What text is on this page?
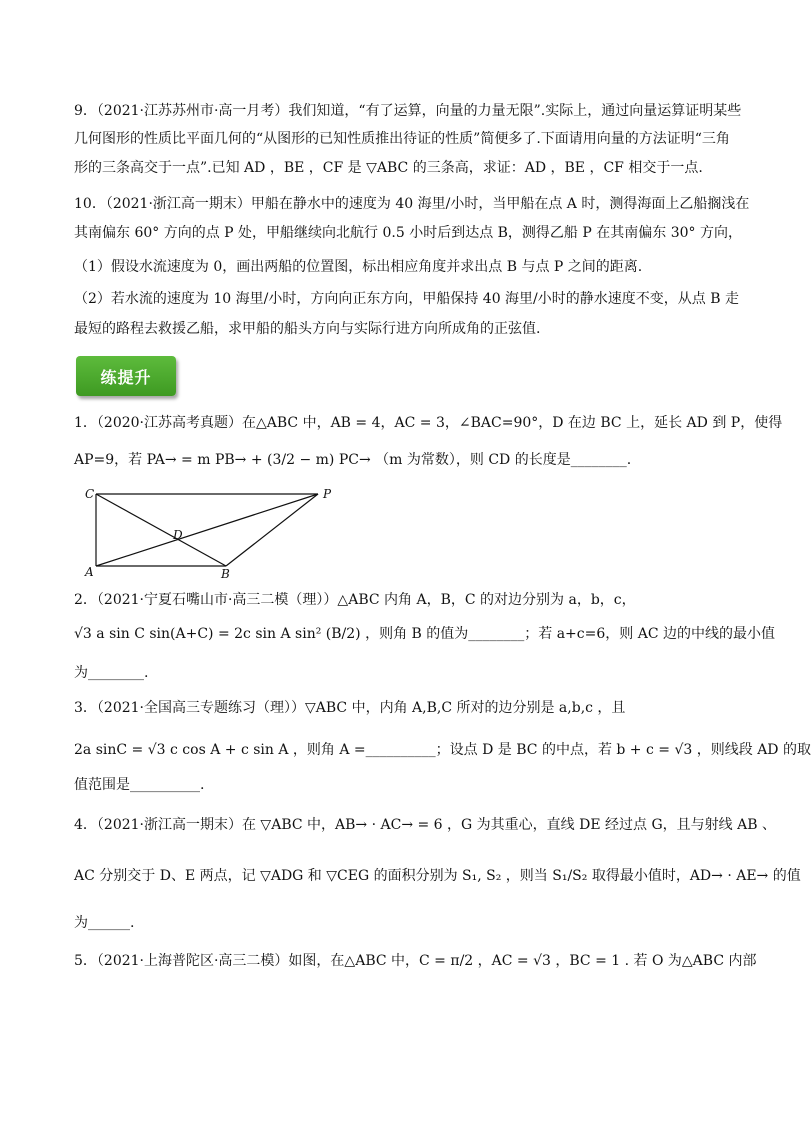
9．（2021·江苏苏州市·高一月考）我们知道，“有了运算，向量的力量无限”.实际上，通过向量运算证明某些
几何图形的性质比平面几何的“从图形的已知性质推出待证的性质”简便多了.下面请用向量的方法证明“三角
形的三条高交于一点”.已知 AD ，BE ，CF 是 ▽ABC 的三条高，求证：AD ，BE ，CF 相交于一点.
10．（2021·浙江高一期末）甲船在静水中的速度为 40 海里/小时，当甲船在点 A 时，测得海面上乙船搁浅在
其南偏东 60° 方向的点 P 处，甲船继续向北航行 0.5 小时后到达点 B，测得乙船 P 在其南偏东 30° 方向，
（1）假设水流速度为 0，画出两船的位置图，标出相应角度并求出点 B 与点 P 之间的距离.
（2）若水流的速度为 10 海里/小时，方向向正东方向，甲船保持 40 海里/小时的静水速度不变，从点 B 走
最短的路程去救援乙船，求甲船的船头方向与实际行进方向所成角的正弦值.
练提升
1．（2020·江苏高考真题）在△ABC 中，AB = 4，AC = 3，∠BAC=90°，D 在边 BC 上，延长 AD 到 P，使得
AP=9，若 PA→ = m PB→ + (3/2 − m) PC→ （m 为常数），则 CD 的长度是________.
C	P
D
A	B
2．（2021·宁夏石嘴山市·高三二模（理））△ABC 内角 A，B，C 的对边分别为 a，b，c，
√3 a sin C sin(A+C) = 2c sin A sin² (B/2) ，则角 B 的值为________；若 a+c=6，则 AC 边的中线的最小值
为________.
3．（2021·全国高三专题练习（理））▽ABC 中，内角 A,B,C 所对的边分别是 a,b,c ，且
2a sinC = √3 c cos A + c sin A ，则角 A =__________；设点 D 是 BC 的中点，若 b + c = √3 ，则线段 AD 的取
值范围是__________.
4．（2021·浙江高一期末）在 ▽ABC 中，AB→ · AC→ = 6 ，G 为其重心，直线 DE 经过点 G，且与射线 AB 、
AC 分别交于 D、E 两点，记 ▽ADG 和 ▽CEG 的面积分别为 S₁, S₂ ，则当 S₁/S₂ 取得最小值时，AD→ · AE→ 的值
为______.
5．（2021·上海普陀区·高三二模）如图，在△ABC 中，C = π/2 ，AC = √3 ，BC = 1 . 若 O 为△ABC 内部
